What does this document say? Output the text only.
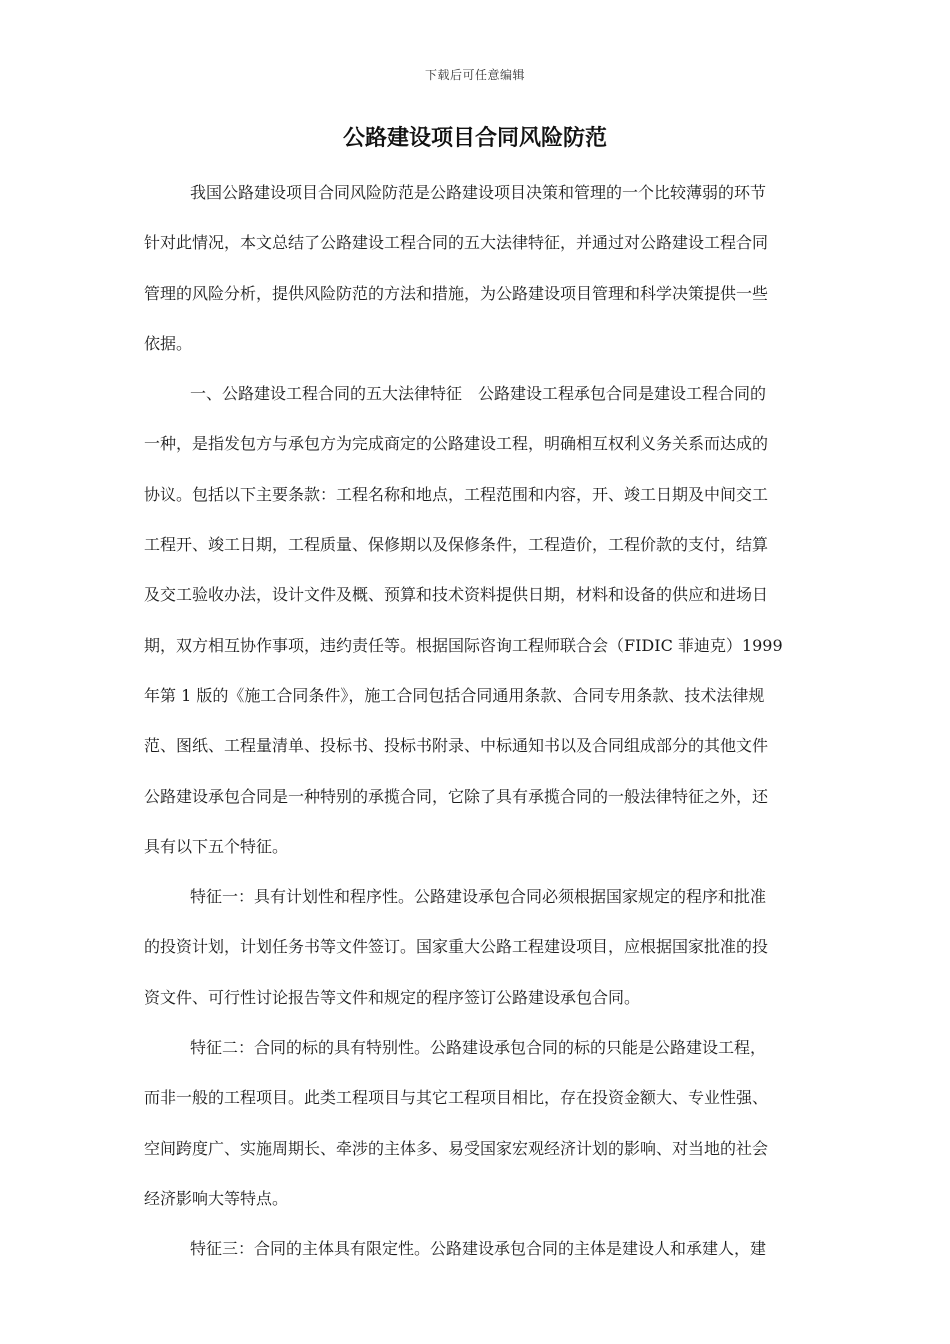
下载后可任意编辑
公路建设项目合同风险防范
我国公路建设项目合同风险防范是公路建设项目决策和管理的一个比较薄弱的环节
针对此情况，本文总结了公路建设工程合同的五大法律特征，并通过对公路建设工程合同
管理的风险分析，提供风险防范的方法和措施，为公路建设项目管理和科学决策提供一些
依据。
一、公路建设工程合同的五大法律特征　公路建设工程承包合同是建设工程合同的
一种，是指发包方与承包方为完成商定的公路建设工程，明确相互权利义务关系而达成的
协议。包括以下主要条款：工程名称和地点，工程范围和内容，开、竣工日期及中间交工
工程开、竣工日期，工程质量、保修期以及保修条件，工程造价，工程价款的支付，结算
及交工验收办法，设计文件及概、预算和技术资料提供日期，材料和设备的供应和进场日
期，双方相互协作事项，违约责任等。根据国际咨询工程师联合会（FIDIC 菲迪克）1999
年第 1 版的《施工合同条件》，施工合同包括合同通用条款、合同专用条款、技术法律规
范、图纸、工程量清单、投标书、投标书附录、中标通知书以及合同组成部分的其他文件
公路建设承包合同是一种特别的承揽合同，它除了具有承揽合同的一般法律特征之外，还
具有以下五个特征。
特征一：具有计划性和程序性。公路建设承包合同必须根据国家规定的程序和批准
的投资计划，计划任务书等文件签订。国家重大公路工程建设项目，应根据国家批准的投
资文件、可行性讨论报告等文件和规定的程序签订公路建设承包合同。
特征二：合同的标的具有特别性。公路建设承包合同的标的只能是公路建设工程，
而非一般的工程项目。此类工程项目与其它工程项目相比，存在投资金额大、专业性强、
空间跨度广、实施周期长、牵涉的主体多、易受国家宏观经济计划的影响、对当地的社会
经济影响大等特点。
特征三：合同的主体具有限定性。公路建设承包合同的主体是建设人和承建人，建
